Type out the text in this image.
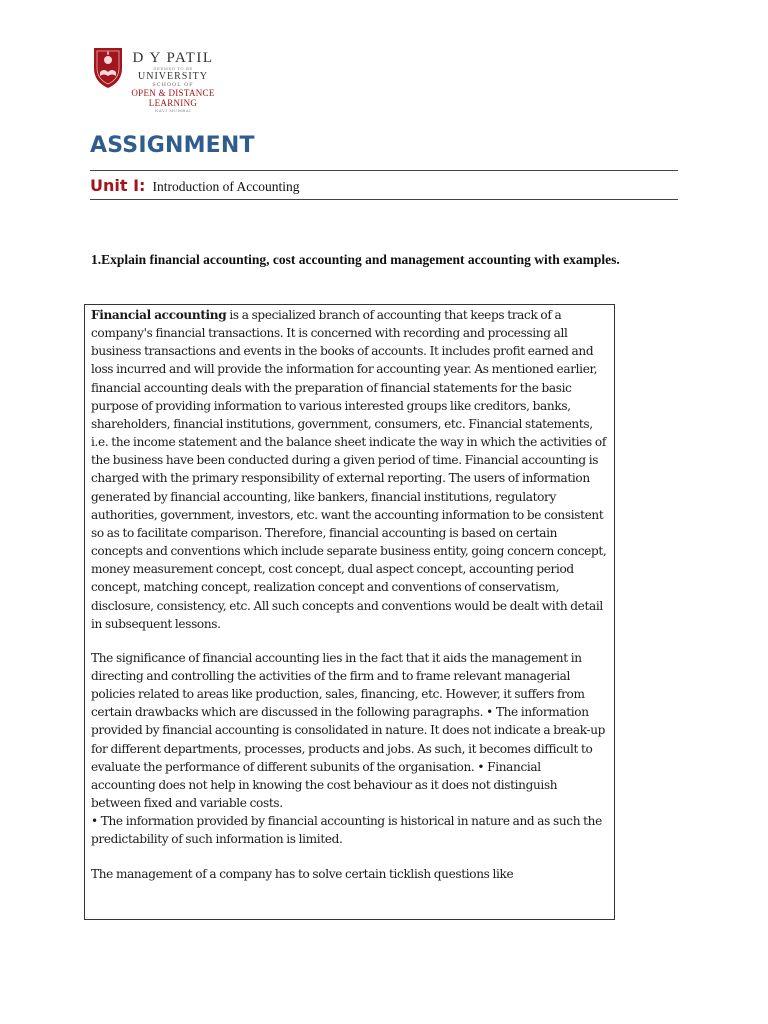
D Y PATIL
DEEMED TO BE
UNIVERSITY
SCHOOL OF
OPEN & DISTANCE
LEARNING
NAVI MUMBAI
ASSIGNMENT
Unit I: Introduction of Accounting
1.Explain financial accounting, cost accounting and management accounting with examples.

Financial accounting is a specialized branch of accounting that keeps track of a company's financial transactions. It is concerned with recording and processing all business transactions and events in the books of accounts. It includes profit earned and loss incurred and will provide the information for accounting year. As mentioned earlier, financial accounting deals with the preparation of financial statements for the basic purpose of providing information to various interested groups like creditors, banks, shareholders, financial institutions, government, consumers, etc. Financial statements, i.e. the income statement and the balance sheet indicate the way in which the activities of the business have been conducted during a given period of time. Financial accounting is charged with the primary responsibility of external reporting. The users of information generated by financial accounting, like bankers, financial institutions, regulatory authorities, government, investors, etc. want the accounting information to be consistent so as to facilitate comparison. Therefore, financial accounting is based on certain concepts and conventions which include separate business entity, going concern concept, money measurement concept, cost concept, dual aspect concept, accounting period concept, matching concept, realization concept and conventions of conservatism, disclosure, consistency, etc. All such concepts and conventions would be dealt with detail in subsequent lessons.

The significance of financial accounting lies in the fact that it aids the management in directing and controlling the activities of the firm and to frame relevant managerial policies related to areas like production, sales, financing, etc. However, it suffers from certain drawbacks which are discussed in the following paragraphs. • The information provided by financial accounting is consolidated in nature. It does not indicate a break-up for different departments, processes, products and jobs. As such, it becomes difficult to evaluate the performance of different subunits of the organisation. • Financial accounting does not help in knowing the cost behaviour as it does not distinguish between fixed and variable costs.

• The information provided by financial accounting is historical in nature and as such the predictability of such information is limited.

The management of a company has to solve certain ticklish questions like
